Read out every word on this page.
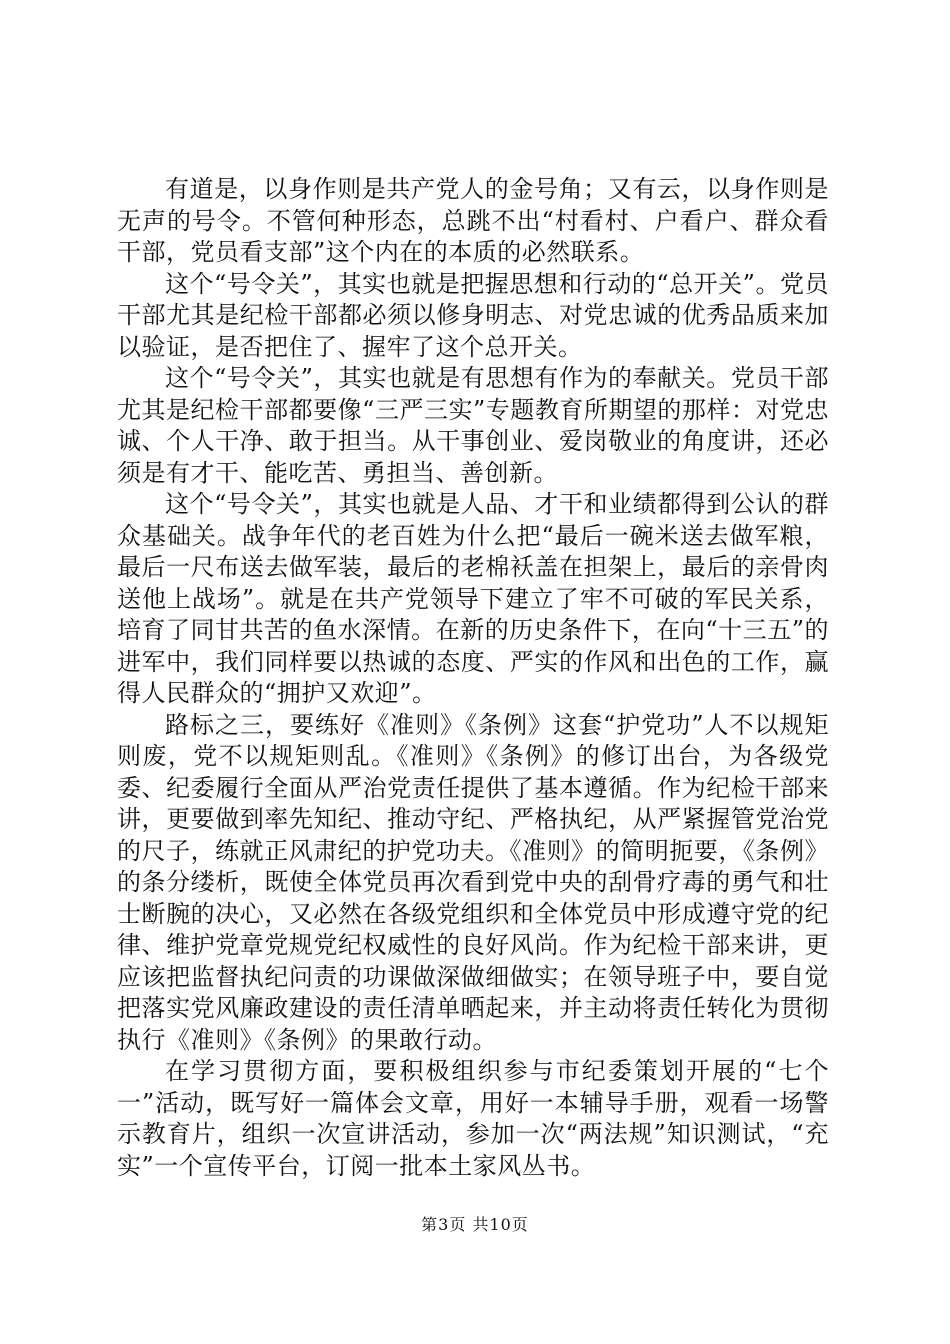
有道是，以身作则是共产党人的金号角；又有云，以身作则是无声的号令。不管何种形态，总跳不出“村看村、户看户、群众看干部，党员看支部”这个内在的本质的必然联系。

这个“号令关”，其实也就是把握思想和行动的“总开关”。党员干部尤其是纪检干部都必须以修身明志、对党忠诚的优秀品质来加以验证，是否把住了、握牢了这个总开关。

这个“号令关”，其实也就是有思想有作为的奉献关。党员干部尤其是纪检干部都要像“三严三实”专题教育所期望的那样：对党忠诚、个人干净、敢于担当。从干事创业、爱岗敬业的角度讲，还必须是有才干、能吃苦、勇担当、善创新。

这个“号令关”，其实也就是人品、才干和业绩都得到公认的群众基础关。战争年代的老百姓为什么把“最后一碗米送去做军粮，最后一尺布送去做军装，最后的老棉袄盖在担架上，最后的亲骨肉送他上战场”。就是在共产党领导下建立了牢不可破的军民关系，培育了同甘共苦的鱼水深情。在新的历史条件下，在向“十三五”的进军中，我们同样要以热诚的态度、严实的作风和出色的工作，赢得人民群众的“拥护又欢迎”。

路标之三，要练好《准则》《条例》这套“护党功”人不以规矩则废，党不以规矩则乱。《准则》《条例》的修订出台，为各级党委、纪委履行全面从严治党责任提供了基本遵循。作为纪检干部来讲，更要做到率先知纪、推动守纪、严格执纪，从严紧握管党治党的尺子，练就正风肃纪的护党功夫。《准则》的简明扼要，《条例》的条分缕析，既使全体党员再次看到党中央的刮骨疗毒的勇气和壮士断腕的决心，又必然在各级党组织和全体党员中形成遵守党的纪律、维护党章党规党纪权威性的良好风尚。作为纪检干部来讲，更应该把监督执纪问责的功课做深做细做实；在领导班子中，要自觉把落实党风廉政建设的责任清单晒起来，并主动将责任转化为贯彻执行《准则》《条例》的果敢行动。

在学习贯彻方面，要积极组织参与市纪委策划开展的“七个一”活动，既写好一篇体会文章，用好一本辅导手册，观看一场警示教育片，组织一次宣讲活动，参加一次“两法规”知识测试，“充实”一个宣传平台，订阅一批本土家风丛书。

第3页 共10页
